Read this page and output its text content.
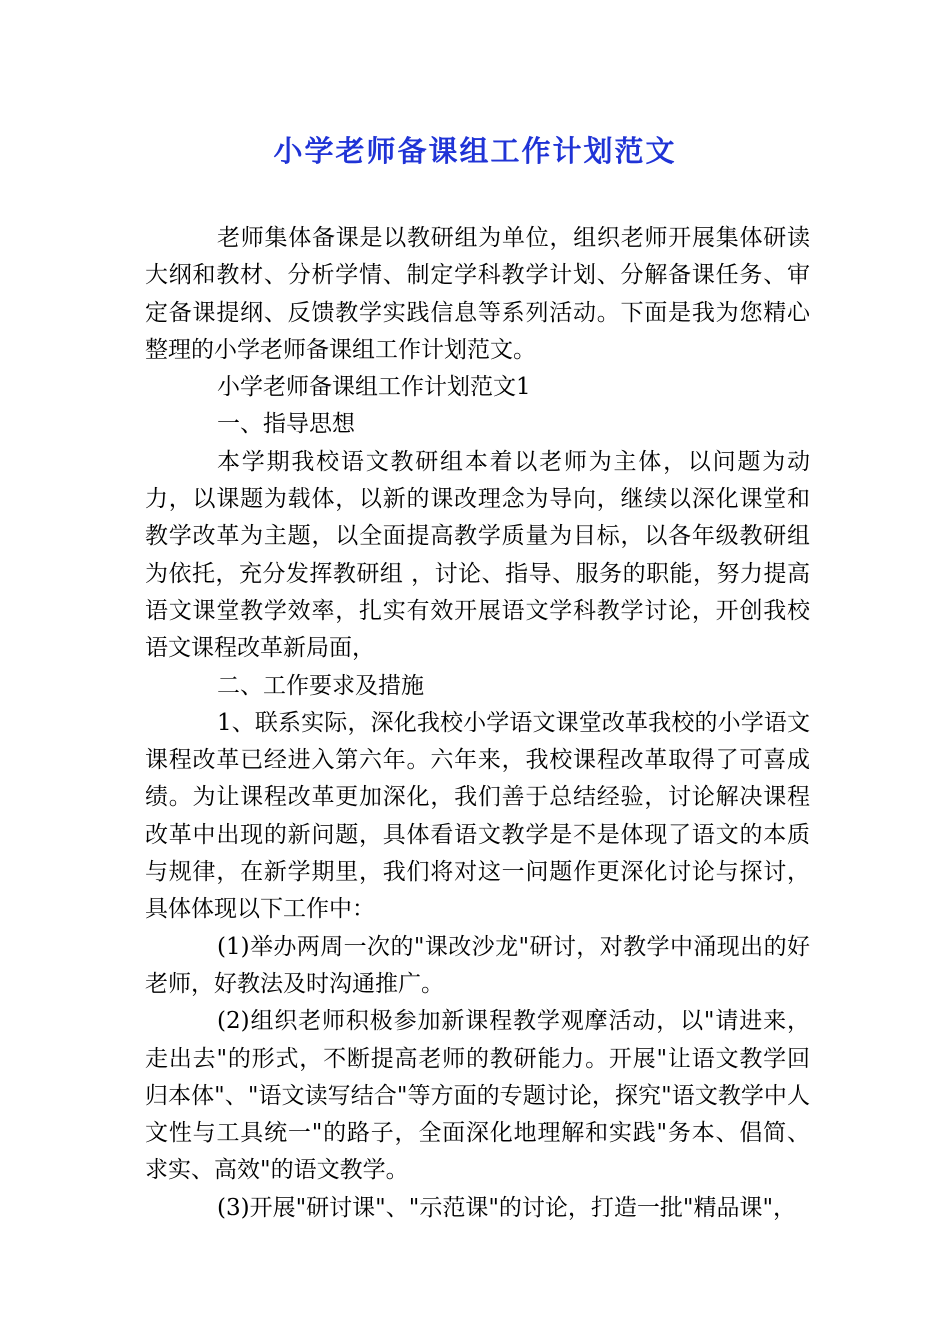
小学老师备课组工作计划范文

老师集体备课是以教研组为单位，组织老师开展集体研读大纲和教材、分析学情、制定学科教学计划、分解备课任务、审定备课提纲、反馈教学实践信息等系列活动。下面是我为您精心整理的小学老师备课组工作计划范文。

小学老师备课组工作计划范文1

一、指导思想

本学期我校语文教研组本着以老师为主体，以问题为动力，以课题为载体，以新的课改理念为导向，继续以深化课堂和教学改革为主题，以全面提高教学质量为目标，以各年级教研组为依托，充分发挥教研组 ，讨论、指导、服务的职能，努力提高语文课堂教学效率，扎实有效开展语文学科教学讨论，开创我校语文课程改革新局面，

二、工作要求及措施

1、联系实际，深化我校小学语文课堂改革我校的小学语文课程改革已经进入第六年。六年来，我校课程改革取得了可喜成绩。为让课程改革更加深化，我们善于总结经验，讨论解决课程改革中出现的新问题，具体看语文教学是不是体现了语文的本质与规律，在新学期里，我们将对这一问题作更深化讨论与探讨，具体体现以下工作中：

(1)举办两周一次的"课改沙龙"研讨，对教学中涌现出的好老师，好教法及时沟通推广。

(2)组织老师积极参加新课程教学观摩活动，以"请进来，走出去"的形式，不断提高老师的教研能力。开展"让语文教学回归本体"、"语文读写结合"等方面的专题讨论，探究"语文教学中人文性与工具统一"的路子，全面深化地理解和实践"务本、倡简、求实、高效"的语文教学。

(3)开展"研讨课"、"示范课"的讨论，打造一批"精品课"，
